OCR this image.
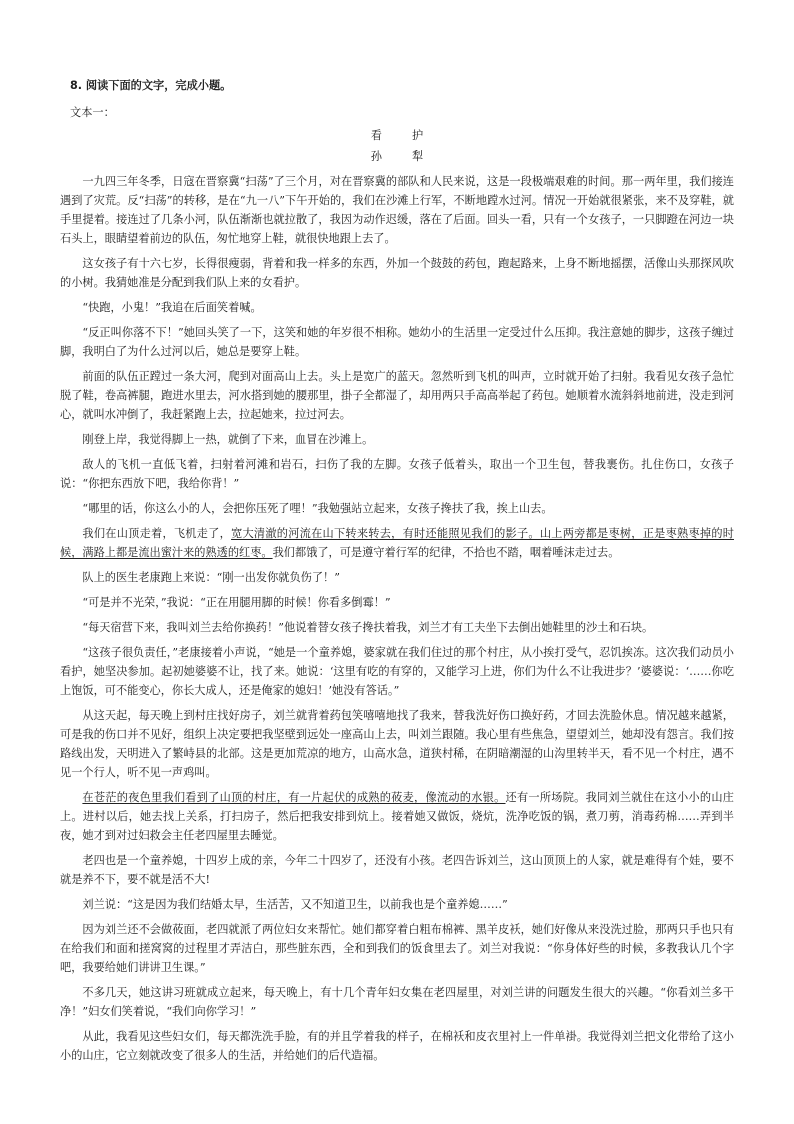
8. 阅读下面的文字，完成小题。
文本一：
看护
孙犁

一九四三年冬季，日寇在晋察冀“扫荡”了三个月，对在晋察冀的部队和人民来说，这是一段极端艰难的时间。那一两年里，我们接连遇到了灾荒。反“扫荡”的转移，是在“九一八”下午开始的，我们在沙滩上行军，不断地蹚水过河。情况一开始就很紧张，来不及穿鞋，就手里提着。接连过了几条小河，队伍渐渐也就拉散了，我因为动作迟缓，落在了后面。回头一看，只有一个女孩子，一只脚蹬在河边一块石头上，眼睛望着前边的队伍，匆忙地穿上鞋，就很快地跟上去了。

这女孩子有十六七岁，长得很瘦弱，背着和我一样多的东西，外加一个鼓鼓的药包，跑起路来，上身不断地摇摆，活像山头那探风吹的小树。我猜她准是分配到我们队上来的女看护。

“快跑，小鬼！”我追在后面笑着喊。

“反正叫你落不下！”她回头笑了一下，这笑和她的年岁很不相称。她幼小的生活里一定受过什么压抑。我注意她的脚步，这孩子缠过脚，我明白了为什么过河以后，她总是要穿上鞋。

前面的队伍正蹚过一条大河，爬到对面高山上去。头上是宽广的蓝天。忽然听到飞机的叫声，立时就开始了扫射。我看见女孩子急忙脱了鞋，卷高裤腿，跑进水里去，河水搭到她的腰那里，掛子全都湿了，却用两只手高高举起了药包。她顺着水流斜斜地前进，没走到河心，就叫水冲倒了，我赶紧跑上去，拉起她来，拉过河去。

刚登上岸，我觉得脚上一热，就倒了下来，血冒在沙滩上。

敌人的飞机一直低飞着，扫射着河滩和岩石，扫伤了我的左脚。女孩子低着头，取出一个卫生包，替我裹伤。扎住伤口，女孩子说：“你把东西放下吧，我给你背！”

“哪里的话，你这么小的人，会把你压死了哩！”我勉强站立起来，女孩子搀扶了我，挨上山去。

我们在山顶走着，飞机走了，宽大清澈的河流在山下转来转去，有时还能照见我们的影子。山上两旁都是枣树，正是枣熟枣掉的时候，满路上都是流出蜜汁来的熟透的红枣。我们都饿了，可是遵守着行军的纪律，不拾也不踏，咽着唾沫走过去。

队上的医生老康跑上来说：“刚一出发你就负伤了！”

“可是并不光荣，”我说：“正在用腿用脚的时候！你看多倒霉！”

“每天宿营下来，我叫刘兰去给你换药！”他说着替女孩子搀扶着我，刘兰才有工夫坐下去倒出她鞋里的沙土和石块。

“这孩子很负责任，”老康接着小声说，“她是一个童养媳，婆家就在我们住过的那个村庄，从小挨打受气，忍饥挨冻。这次我们动员小看护，她坚决参加。起初她婆婆不让，找了来。她说：‘这里有吃的有穿的，又能学习上进，你们为什么不让我进步？’婆婆说：‘……你吃上饱饭，可不能变心，你长大成人，还是俺家的媳妇！’她没有答话。”

从这天起，每天晚上到村庄找好房子，刘兰就背着药包笑嘻嘻地找了我来，替我洗好伤口换好药，才回去洗脸休息。情况越来越紧，可是我的伤口并不见好，组织上决定要把我坚壁到远处一座高山上去，叫刘兰跟随。我心里有些焦急，望望刘兰，她却没有怨言。我们按路线出发，天明进入了繁峙县的北部。这是更加荒凉的地方，山高水急，道狭村稀，在阴暗潮湿的山沟里转半天，看不见一个村庄，遇不见一个行人，听不见一声鸡叫。

在苍茫的夜色里我们看到了山顶的村庄，有一片起伏的成熟的莜麦，像流动的水银。还有一所场院。我同刘兰就住在这小小的山庄上。进村以后，她去找上关系，打扫房子，然后把我安排到炕上。接着她又做饭，烧炕，洗净吃饭的锅，煮刀剪，消毒药棉……弄到半夜，她才到对过妇救会主任老四屋里去睡觉。

老四也是一个童养媳，十四岁上成的亲，今年二十四岁了，还没有小孩。老四告诉刘兰，这山顶顶上的人家，就是难得有个娃，要不就是养不下，要不就是活不大!

刘兰说：“这是因为我们结婚太早，生活苦，又不知道卫生，以前我也是个童养媳……”

因为刘兰还不会做莜面，老四就派了两位妇女来帮忙。她们都穿着白粗布棉裤、黑羊皮袄，她们好像从来没洗过脸，那两只手也只有在给我们和面和搓窝窝的过程里才弄洁白，那些脏东西，全和到我们的饭食里去了。刘兰对我说：“你身体好些的时候，多教我认几个字吧，我要给她们讲讲卫生课。”

不多几天，她这讲习班就成立起来，每天晚上，有十几个青年妇女集在老四屋里，对刘兰讲的问题发生很大的兴趣。“你看刘兰多干净！”妇女们笑着说，“我们向你学习！”

从此，我看见这些妇女们，每天都洗洗手脸，有的并且学着我的样子，在棉袄和皮衣里衬上一件单褂。我觉得刘兰把文化带给了这小小的山庄，它立刻就改变了很多人的生活，并给她们的后代造福。
